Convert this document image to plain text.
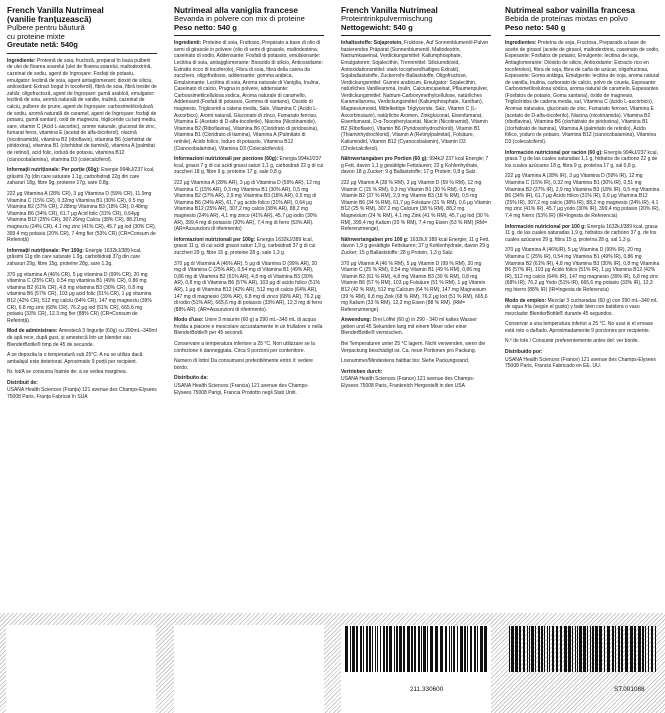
French Vanilla Nutrimeal
(vanilie franțuzească)
Pulbere pentru băutură
cu proteine mixte
Greutate netă: 540g
Ingrediente: Proteină de soia, fructoză, preparat în baza pulberii de ulei de floarea soarelui (ulei de floarea soarelui, maltodextrină, cazeinat de sodiu, agent de îngroșare: Fosfați de potasiu, emulgator: lecitină de soia, agent antiaglomerant: dioxid de siliciu, antioxidant: Extract bogat în tocoferoli), fibră de soia, fibră trestie de zahăr, oligofructoză, agent de îngroșare: gumă arabică, emulgator: lecitină de soia, aromă naturală de vanilie, inulină, cazeinat de calciu, pulbere de prune, agent de îngroșare: carboximetilceluloză de sodiu, aromă naturală de caramel, agent de îngroșare: fosfați de potasiu, gumă xantan), oxid de magneziu, trigliceride cu lanț mediu, sare, vitamin C (Acid L-ascorbic), arome naturale, gluconat de zinc, fumarat feros, vitamina E (acetat de alfa-tocoferol), niacină (nicotinamidă), vitamina B2 (riboflavin), vitamina B6 (clorhidrat de piridoxina), vitamina B1 (clorhidrat de tiamină), vitamina A (palmitat de retinol), acid folic, iodură de potasiu, vitamina B12 (cianocobalamina), vitamina D3 (colecalciferol).
Informații nutriționale: Per porție (60g): Energie 994kJ/237 kcal, grăsimi 7g (din care saturate 1.1g, carbohidrați 22g din care zaharuri 18g, fibre 9g, proteine 17g, sare 0.8g.
222 μg Vitamina A (28% CR), 3 μg Vitamina D (59% CR), 11.9mg Vitamina C (15% CR), 0.32mg Vitamina B1 (30% CR), 0.5 mg Vitamina B2 (37% CR), 2.88mg Vitamina B3 (18% CR), 0.48mg Vitamina B6 (34% CR), 61.7 μg Acid folic (31% CR), 0.64μg Vitamina B12 (25% CR), 307.26mg Calciu (38% CR), 88.21mg magneziu (24% CR), 4.1 mg zinc (41% CR), 45.7 μg iod (30% CR), 399.4 mg potasiu (20% CR), 7.4mg fier (53% CR) (CR=Consum de Referință)
Informații nutriționale: Per 100g: Energie 1632kJ/389 kcal, grăsimi 11g din care saturate 1.9g, carbohidrați 37g din care zaharuri 29g, fibre 15g, proteine 28g, sare 1.3g.
370 μg vitamina A (46% CR), 5 μg vitamina D (99% CR), 20 mg vitamina C (25% CR), 0.54 mg vitamina B1 (49% CR), 0.86 mg vitamina B2 (61% CR), 4.8 mg vitamina B3 (30% CR), 0.8 mg vitamina B6 (57% CR), 103 μg acid folic (51% CR), 1 μg vitamina B12 (42% CR), 512 mg calciu (64% CR), 147 mg magneziu (39% CR), 6.8 mg zinc (68% CR), 76.2 μg iod (51% CR), 665.6 mg potasiu (33% CR), 12.3 mg fier (88% CR) (CR=Consum de Referință).
Mod de administrare: Amestecă 3 linguriţe (60g) cu 290mL–340ml de apă rece, după gust, și amestecă într-un blender sau BlenderBottle® timp de 45 de secunde.
A se depozita la o temperatură sub 25°C. A nu se utiliza dacă ambalajul este deteriorat. Aproximativ 9 porții per recipient.
Nr. lot/A se consuma înainte de: a se vedea marginea.
Distribuit de:
USANA Health Sciences (Franța) 121 avenue des Champs-Elysees 75008 Paris, Franța Fabricat în SUA
Nutrimeal alla vaniglia francese
Bevanda in polvere con mix di proteine
Peso netto: 540 g
Ingredienti: Proteine di soia, Fruttosio, Preparato a base di olio di semi di girasole in polvere (olio di semi di girasole, maltodestrina, caseinato di sodio, Addensante: Fosfati di potassio, emulsionante: Lecitina di soia, antiagglomerante: Biossido di silicio, Antiossidante: Estratto ricco di tocoferolo), Fibra di soia, fibra della canna da zucchero, oligofruttosio, addensante: gomma arabica, Emulsionante: Lecitina di soia, Aroma naturale di Vaniglia, Inulina, Caseinato di calcio, Prugna in polvere, addensante: Carbossimetilcellulosa sodica, Aroma naturale di caramello, Addensanti (Fosfati di potassio, Gomma di xantano), Ossido di magnesio, Trigliceridi a catena media, Sale, Vitamina C (Acido L-Ascorbico), Aromi naturali, Gluconato di zinco, Fumarato ferroso, Vitamina E (Acetato di D-alfa-tocoferile), Niacina (Nicotinamide), Vitamina B2 (Riboflavina), Vitamina B6 (Cloridrato di piridossina), Vitamina B1 (Cloridrato di tiamina), Vitamina A (Palmitato di retinile), Acido folico, Ioduro di potassio, Vitamina B12 (Cianocobalamina), Vitamina D3 (Colecalciferolo).
Informazioni nutrizionali per porzione (60g): Energia 994kJ/237 kcal, grassi 7 g di cui acidi grassi saturi 1,1 g, carboidrati 22 g di cui zuccheri 18 g, fibre 9 g, proteine 17 g, sale 0,8 g.
222 μg Vitamina A (28% AR), 3 μg di Vitamina D (59% AR), 12 mg Vitamina C (15% AR), 0,3 mg Vitamina B1 (30% AR), 0,5 mg Vitamina B2 (37% AR), 2,9 mg Vitamina B3 (18% AR), 0,5 mg di Vitamina B6 (34% AR), 61,7 μg acido folico (31% AR), 0,64 μg Vitamina B12 (25% AR), 307,2 mg calcio (38% AR), 88,2 mg magnesio (24% AR), 4,1 mg zinco (41% AR), 45,7 μg iodio (30% AR), 399,4 mg di potassio (20% AR), 7,4 mg di ferro (53% AR). (AR=Assunzioni di riferimento)
Informazioni nutrizionali per 100g: Energia 1632kJ/389 kcal, grassi 11 g, di cui acidi grassi saturi 1,9 g, carboidrati 37 g di cui zuccheri 29 g, fibre 15 g, proteine 28 g, sale 1,3 g.
370 μg di Vitamina A (46% AR), 5 μg di Vitamina D (99% AR), 20 mg di Vitamina C (25% AR), 0,54 mg di Vitamina B1 (49% AR), 0,86 mg di Vitamina B2 (61% AR), 4,8 mg di Vitamina B3 (30% AR), 0,8 mg di Vitamina B6 (57% AR), 103 μg di acido folico (51% AR), 1 μg di Vitamina B12 (42% AR), 512 mg di calcio (64% AR), 147 mg di magnesio (39% AR), 6,8 mg di zinco (68% AR), 76,2 μg di iodio (51% AR), 665,6 mg di potassio (33% AR), 12,3 mg di ferro (88% AR). (AR=Assunzioni di riferimento).
Modo d'uso: Unire 3 misurini (60 g) a 290 mL–340 mL di acqua fredda a piacere e mescolare accuratamente in un frullatore o nella BlenderBottle® per 45 secondi.
Conservare a temperatura inferiore a 25 °C. Non utilizzare se la confezione è danneggiata. Circa 9 porzioni per contenitore.
Numero di lotto/ Da consumarsi preferibilmente entro il: vedere bordo.
Distribuito da:
USANA Health Sciences (Francia) 121 avenue des Champs-Elysees 75008 Parigi, Francia Prodotto negli Stati Uniti.
French Vanilla Nutrimeal
Proteintrinkpulvermischung
Nettogewicht: 540 g
Inhaltsstoffe: Sojaprotein, Fruktose, Auf Sonnenblumenöl-Pulver basierendes Präparat (Sonnenblumenöl, Maltodextrin, Natriumkaseinat, Verdickungsmittel: Kaliumphosphate, Emulgatoren: Sojalecithin, Trennmittel: Siliciumdioxid, Antioxidationsmittel: stark tocopherolhaltiges Extrakt), Sojaballaststoffe, Zuckerrohr-Ballaststoffe, Oligofructose, Verdickungsmittel: Gummi arabicum, Emulgator: Sojalecithin, natürliches Vanillearoma, Inulin, Calciumcaseinat, Pflaumenpulver, Verdickungsmittel: Natrium-Carboxymethylcellulose, natürliches Karamellaroma, Verdickungsmittel (Kaliumphosphate, Xanthan), Magnesiumoxid, Mittelkettige Triglyceride, Salz, Vitamin C (L-Ascorbinsäure), natürliche Aromen, Zinkgluconat, Eisenfumarat, Eisenfumarat, D-α-Tocopherylacetat, Niacin (Nicotinamid), Vitamin B2 (Riboflavin), Vitamin B6 (Pyridoxinhydrochlorid), Vitamin B1 (Thiaminhydrochlorid), Vitamin A (Retinylpalmitat), Folsäure, Kaliumiodid, Vitamin B12 (Cyanocobalamin), Vitamin D3 (Cholecalciferol).
Nährwertangaben pro Portion (60 g): 994kJ/ 237 kcal Energie; 7 g Fett, davon 1,1 g gesättigte Fettsäuren; 22 g Kohlenhydrate, davon 18 g Zucker; 9 g Ballaststoffe; 17 g Protein; 0,8 g Salz.
222 μg Vitamin A (28 % RM), 3 μg Vitamin D (59 % RM), 12 mg Vitamin C (15 % RM), 0,3 mg Vitamin B1 (30 % RM), 0,5 mg Vitamin B2 (37 % RM), 2,9 mg Vitamin B3 (18 % RM), 0,5 mg Vitamin B6 (34 % RM), 61,7 μg Folsäure (31 % RM), 0,6 μg Vitamin B12 (25 % RM), 307,2 mg Calcium (38 % RM), 88,2 mg Magnesium (24 % RM), 4,1 mg Zink (41 % RM), 45,7 μg Iod (30 % RM), 399,4 mg Kalium (20 % RM), 7,4 mg Eisen (53 % RM) (RM= Referenzmenge).
Nährwertangaben pro 100 g: 1632kJ/ 389 kcal Energie; 11 g Fett, davon 1,9 g gesättigte Fettsäuren; 37 g Kohlenhydrate, davon 29 g Zucker; 15 g Ballaststoffe; 28 g Protein, 1,3 g Salz.
370 μg Vitamin A (46 % RM), 5 μg Vitamin D (99 % RM), 20 mg Vitamin C (25 % RM), 0,54 mg Vitamin B1 (49 % RM), 0,86 mg Vitamin B2 (61 % RM), 4,8 mg Vitamin B3 (30 % RM), 0,8 mg Vitamin B6 (57 % RM), 103 μg Folsäure (51 % RM), 1 μg Vitamin B12 (42 % RM), 512 mg Calcium (64 % RM), 147 mg Magnesium (39 % RM), 6,8 mg Zink (68 % RM), 76,2 μg Iod (51 % RM), 665,6 mg Kalium (33 % RM), 12,3 mg Eisen (88 % RM). (RM= Referenzmenge).
Anwendung: Drei Löffel (60 g) in 290 - 340 ml kaltes Wasser geben und 45 Sekunden lang mit einem Mixer oder einer BlenderBottle® vermischen.
Bei Temperaturen unter 25 °C lagern. Nicht verwenden, wenn die Verpackung beschädigt ist. Ca. neun Portionen pro Packung.
Losnummer/Mindestens haltbar bis: Siehe Packungsrand.
Vertrieben durch:
USANA Health Sciences (France) 121 avenue des Champs-Elysees 75008 Paris, Frankreich Hergestellt in den USA
Nutrimeal sabor vainilla francesa
Bebida de proteínas mixtas en polvo
Peso neto: 540 g
Ingredientes: Proteína de soja, Fructosa, Preparado a base de aceite de girasol (aceite de girasol, maltodextrina, caseinato de sodio, Espesante: Fosfatos de potasio, Emulgente: lecitina de soja, Antiaglomerante: Dióxido de silicio, Antioxidante: Extracto rico en tocoferoles), fibra de soja, fibra de caña de azúcar, oligofructosa, Espesante: Goma arábiga, Emulgente: lecitina de soja, aroma natural de vainilla, Inulina, carbonato de calcio, polvo de ciruela, Espesante: Carboximetilcelulosa sódica, aroma natural de caramelo, Espesantes (Fosfatos de potasio, Goma xantana), óxido de magnesio, Triglicéridos de cadena media, sal, Vitamina C (ácido L-ascórbico), Aromas naturales, gluconato de zinc, Fumarato ferroso, Vitamina E (acetato de D-alfa-tocoferilo), Niacina (nicotinamida), Vitamina B2 (riboflavina), Vitamina B6 (clorhidrato de piridoxina), Vitamina B1 (clorhidrato de tiamina), Vitamina A (palmitato de retinilo), Ácido fólico, yoduro de potasio, Vitamina B12 (cianocobalamina), Vitamina D3 (colecalciferol).
Información nutricional por ración (60 g): Energía 994kJ/237 kcal, grasa 7 g de las cuales saturadas 1,1 g, hidratos de carbono 22 g de los cuales azúcares 18 g, fibra 9 g, proteína 17 g, sal 0,8 g.
222 μg Vitamina A (28% IR), 3 μg Vitamina D (59% IR), 12 mg Vitamina C (15% IR), 0,32 mg Vitamina B1 (30% IR), 0,51 mg Vitamina B2 (37% IR), 2,9 mg Vitamina B3 (18% IR), 0,5 mg Vitamina B6 (34% IR), 61,7 μg Ácido fólico (31% IR), 0,6 μg Vitamina B12 (25% IR), 307,2 mg calcio (38% IR), 88,2 mg magnesio (24% IR), 4,1 mg zinc (41% IR), 45,7 μg yodo (30% IR), 399,4 mg potasio (20% IR), 7,4 mg hierro (53% IR) (IR=Ingesta de Referencia)
Información nutricional por 100 g: Energía 1632kJ/389 kcal, grasa 11 g, de las cuales saturadas 1,9 g, hidratos de carbono 37 g, de los cuales azúcares 29 g, fibra 15 g, proteína 28 g, sal 1,3 g.
370 μg Vitamina A (46%IR), 5 μg Vitamina D (99% IR), 20 mg Vitamina C (25% IR), 0,54 mg Vitamina B1 (49% IR), 0,86 mg Vitamina B2 (61% IR), 4,8 mg Vitamina B3 (30% IR), 0,8 mg Vitamina B6 (57% IR), 103 μg Ácido fólico (51% IR), 1 μg Vitamina B12 (42% IR), 512 mg calcio (64% IR), 147 mg magnesio (39% IR), 6,8 mg zinc (68% IR), 76,2 μg Yodo (51% IR), 665,6 mg potasio (33% IR), 12,3 mg hierro (88% IR) (IR=Ingesta de Referencia)
Modo de empleo: Mezclar 3 cucharadas (60 g) con 290 mL–340 mL de agua fría (según el gusto) y batir bien con batidora o vaso mezclador BlenderBottle® durante 45 segundos.
Conservar a una temperatura inferior a 25 °C. No usar si el envase está roto o dañado. Aproximadamente 9 porciones por recipiente.
N.º de lote / Consumir preferentemente antes del: ver borde.
Distribuido por:
USANA Health Sciences (France) 121 avenue des Champs-Elysees 75008 Paris, Francia Fabricado en EE. UU.
211.330600	ST.001088
